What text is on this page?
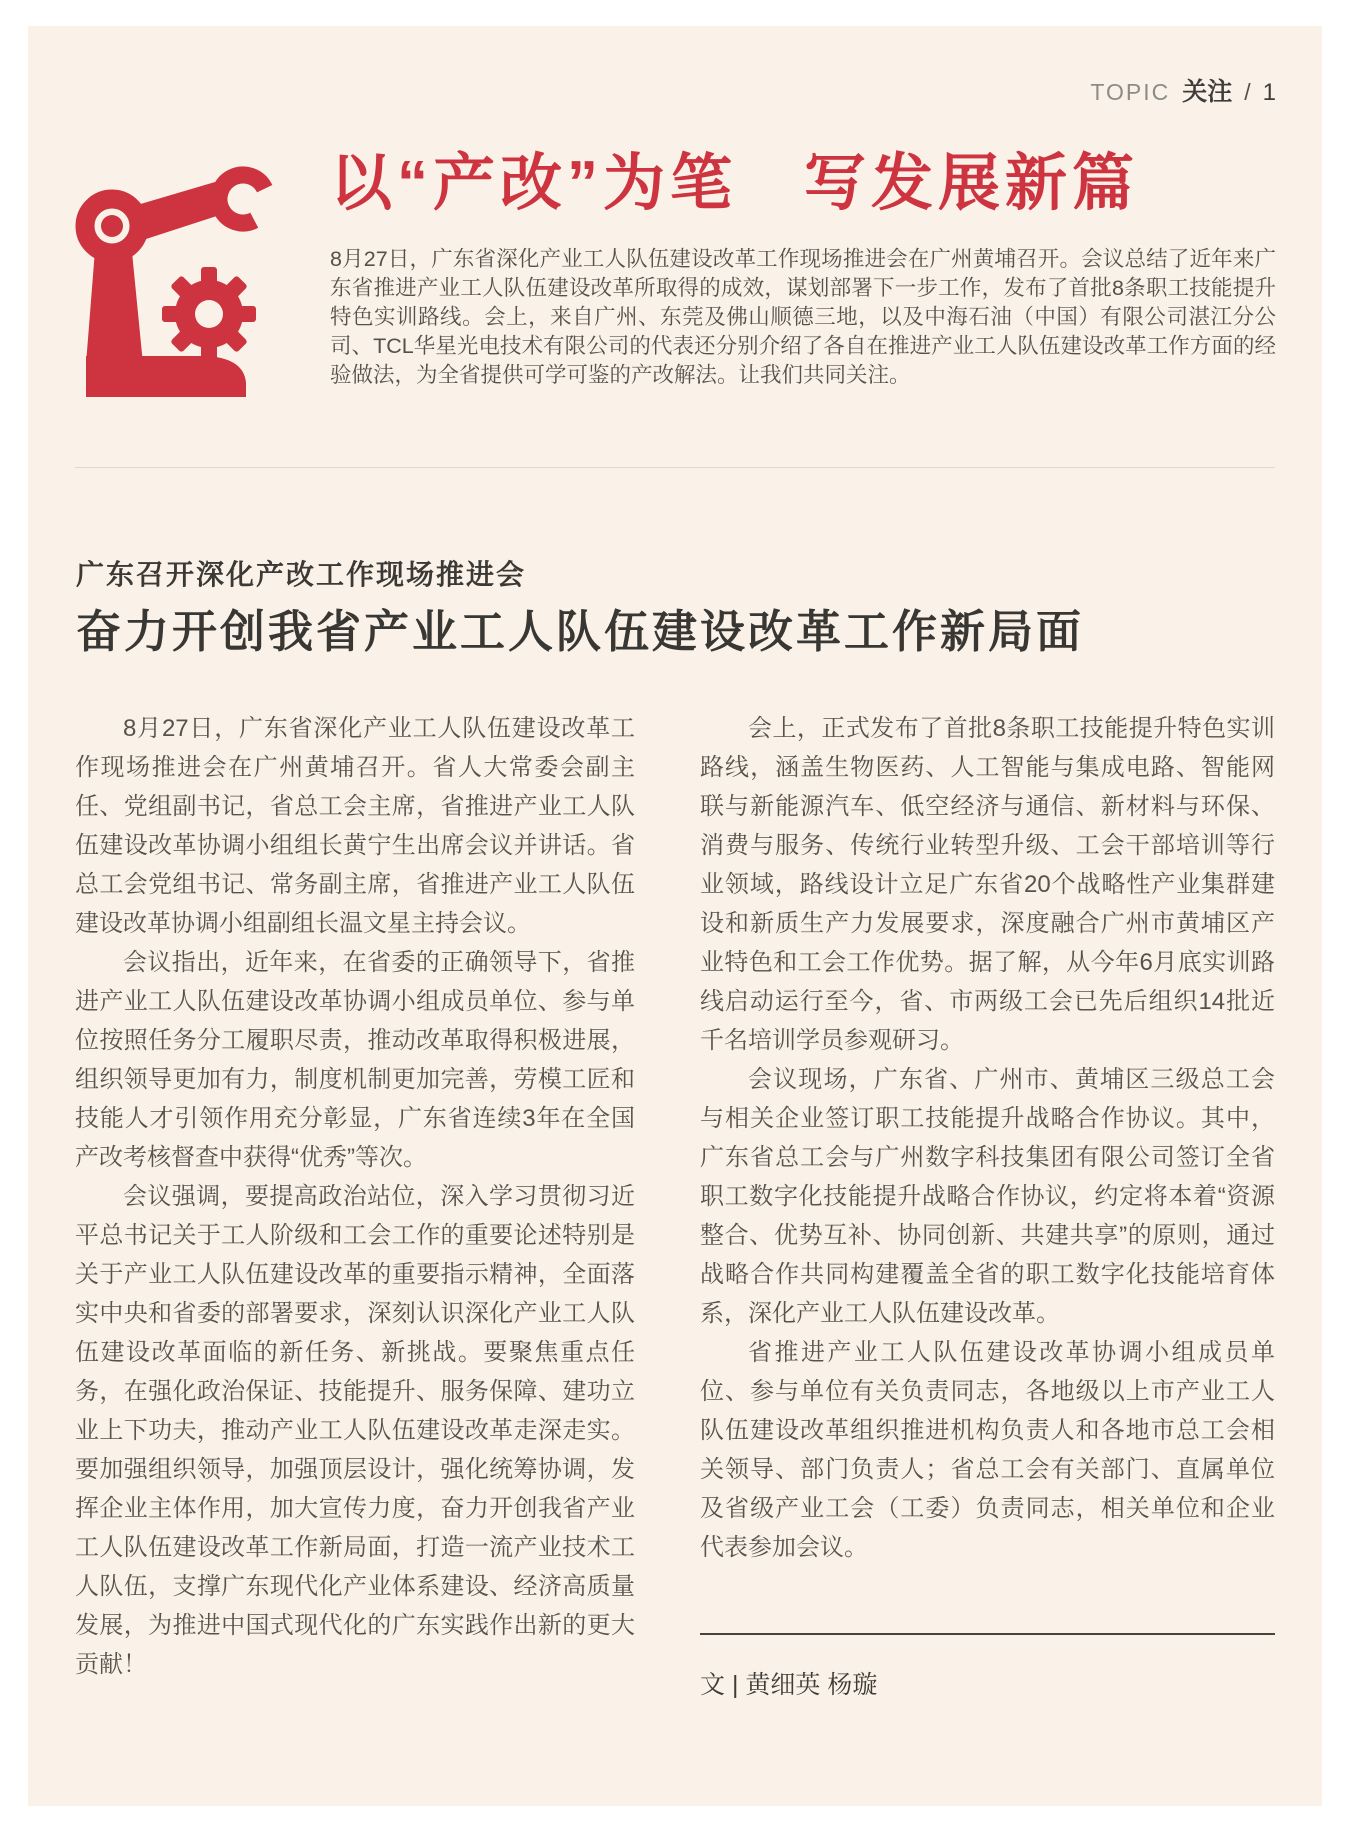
TOPIC 关注 / 1
以“产改”为笔　写发展新篇

8月27日，广东省深化产业工人队伍建设改革工作现场推进会在广州黄埔召开。会议总结了近年来广东省推进产业工人队伍建设改革所取得的成效，谋划部署下一步工作，发布了首批8条职工技能提升特色实训路线。会上，来自广州、东莞及佛山顺德三地，以及中海石油（中国）有限公司湛江分公司、TCL华星光电技术有限公司的代表还分别介绍了各自在推进产业工人队伍建设改革工作方面的经验做法，为全省提供可学可鉴的产改解法。让我们共同关注。

广东召开深化产改工作现场推进会
奋力开创我省产业工人队伍建设改革工作新局面

8月27日，广东省深化产业工人队伍建设改革工作现场推进会在广州黄埔召开。省人大常委会副主任、党组副书记，省总工会主席，省推进产业工人队伍建设改革协调小组组长黄宁生出席会议并讲话。省总工会党组书记、常务副主席，省推进产业工人队伍建设改革协调小组副组长温文星主持会议。

会议指出，近年来，在省委的正确领导下，省推进产业工人队伍建设改革协调小组成员单位、参与单位按照任务分工履职尽责，推动改革取得积极进展，组织领导更加有力，制度机制更加完善，劳模工匠和技能人才引领作用充分彰显，广东省连续3年在全国产改考核督查中获得“优秀”等次。

会议强调，要提高政治站位，深入学习贯彻习近平总书记关于工人阶级和工会工作的重要论述特别是关于产业工人队伍建设改革的重要指示精神，全面落实中央和省委的部署要求，深刻认识深化产业工人队伍建设改革面临的新任务、新挑战。要聚焦重点任务，在强化政治保证、技能提升、服务保障、建功立业上下功夫，推动产业工人队伍建设改革走深走实。要加强组织领导，加强顶层设计，强化统筹协调，发挥企业主体作用，加大宣传力度，奋力开创我省产业工人队伍建设改革工作新局面，打造一流产业技术工人队伍，支撑广东现代化产业体系建设、经济高质量发展，为推进中国式现代化的广东实践作出新的更大贡献！

会上，正式发布了首批8条职工技能提升特色实训路线，涵盖生物医药、人工智能与集成电路、智能网联与新能源汽车、低空经济与通信、新材料与环保、消费与服务、传统行业转型升级、工会干部培训等行业领域，路线设计立足广东省20个战略性产业集群建设和新质生产力发展要求，深度融合广州市黄埔区产业特色和工会工作优势。据了解，从今年6月底实训路线启动运行至今，省、市两级工会已先后组织14批近千名培训学员参观研习。

会议现场，广东省、广州市、黄埔区三级总工会与相关企业签订职工技能提升战略合作协议。其中，广东省总工会与广州数字科技集团有限公司签订全省职工数字化技能提升战略合作协议，约定将本着“资源整合、优势互补、协同创新、共建共享”的原则，通过战略合作共同构建覆盖全省的职工数字化技能培育体系，深化产业工人队伍建设改革。

省推进产业工人队伍建设改革协调小组成员单位、参与单位有关负责同志，各地级以上市产业工人队伍建设改革组织推进机构负责人和各地市总工会相关领导、部门负责人；省总工会有关部门、直属单位及省级产业工会（工委）负责同志，相关单位和企业代表参加会议。

文 | 黄细英 杨璇
